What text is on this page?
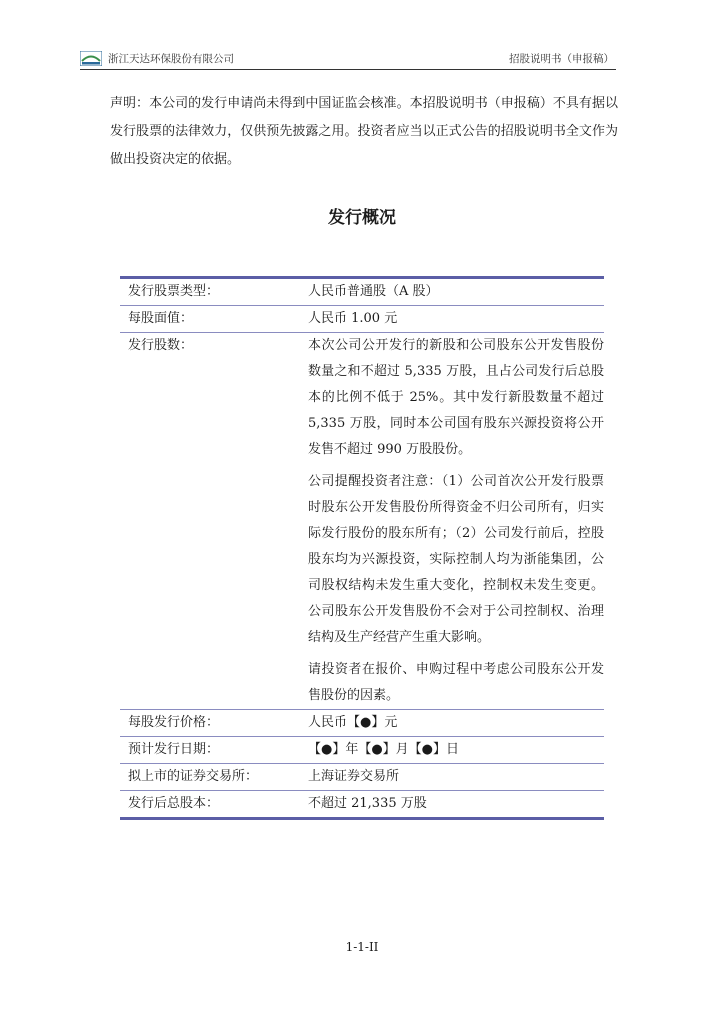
浙江天达环保股份有限公司	招股说明书（申报稿）
声明：本公司的发行申请尚未得到中国证监会核准。本招股说明书（申报稿）不具有据以发行股票的法律效力，仅供预先披露之用。投资者应当以正式公告的招股说明书全文作为做出投资决定的依据。
发行概况
发行股票类型：	人民币普通股（A 股）
每股面值：	人民币 1.00 元
发行股数：	本次公司公开发行的新股和公司股东公开发售股份数量之和不超过 5,335 万股，且占公司发行后总股本的比例不低于 25%。其中发行新股数量不超过 5,335 万股，同时本公司国有股东兴源投资将公开发售不超过 990 万股股份。

公司提醒投资者注意：（1）公司首次公开发行股票时股东公开发售股份所得资金不归公司所有，归实际发行股份的股东所有；（2）公司发行前后，控股股东均为兴源投资，实际控制人均为浙能集团，公司股权结构未发生重大变化，控制权未发生变更。公司股东公开发售股份不会对于公司控制权、治理结构及生产经营产生重大影响。

请投资者在报价、申购过程中考虑公司股东公开发售股份的因素。

每股发行价格：	人民币【●】元
预计发行日期：	【●】年【●】月【●】日
拟上市的证券交易所：	上海证券交易所
发行后总股本：	不超过 21,335 万股
1-1-II
